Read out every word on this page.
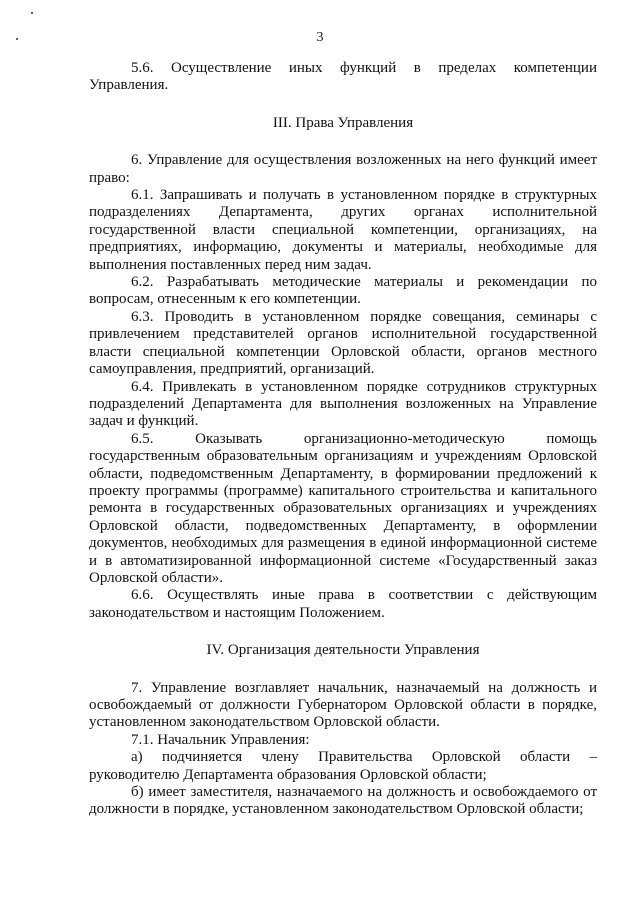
3

5.6. Осуществление иных функций в пределах компетенции Управления.

III. Права Управления

6. Управление для осуществления возложенных на него функций имеет право:

6.1. Запрашивать и получать в установленном порядке в структурных подразделениях Департамента, других органах исполнительной государственной власти специальной компетенции, организациях, на предприятиях, информацию, документы и материалы, необходимые для выполнения поставленных перед ним задач.

6.2. Разрабатывать методические материалы и рекомендации по вопросам, отнесенным к его компетенции.

6.3. Проводить в установленном порядке совещания, семинары с привлечением представителей органов исполнительной государственной власти специальной компетенции Орловской области, органов местного самоуправления, предприятий, организаций.

6.4. Привлекать в установленном порядке сотрудников структурных подразделений Департамента для выполнения возложенных на Управление задач и функций.

6.5. Оказывать организационно-методическую помощь государственным образовательным организациям и учреждениям Орловской области, подведомственным Департаменту, в формировании предложений к проекту программы (программе) капитального строительства и капитального ремонта в государственных образовательных организациях и учреждениях Орловской области, подведомственных Департаменту, в оформлении документов, необходимых для размещения в единой информационной системе и в автоматизированной информационной системе «Государственный заказ Орловской области».

6.6. Осуществлять иные права в соответствии с действующим законодательством и настоящим Положением.

IV. Организация деятельности Управления

7. Управление возглавляет начальник, назначаемый на должность и освобождаемый от должности Губернатором Орловской области в порядке, установленном законодательством Орловской области.

7.1. Начальник Управления:

а) подчиняется члену Правительства Орловской области – руководителю Департамента образования Орловской области;

б) имеет заместителя, назначаемого на должность и освобождаемого от должности в порядке, установленном законодательством Орловской области;
